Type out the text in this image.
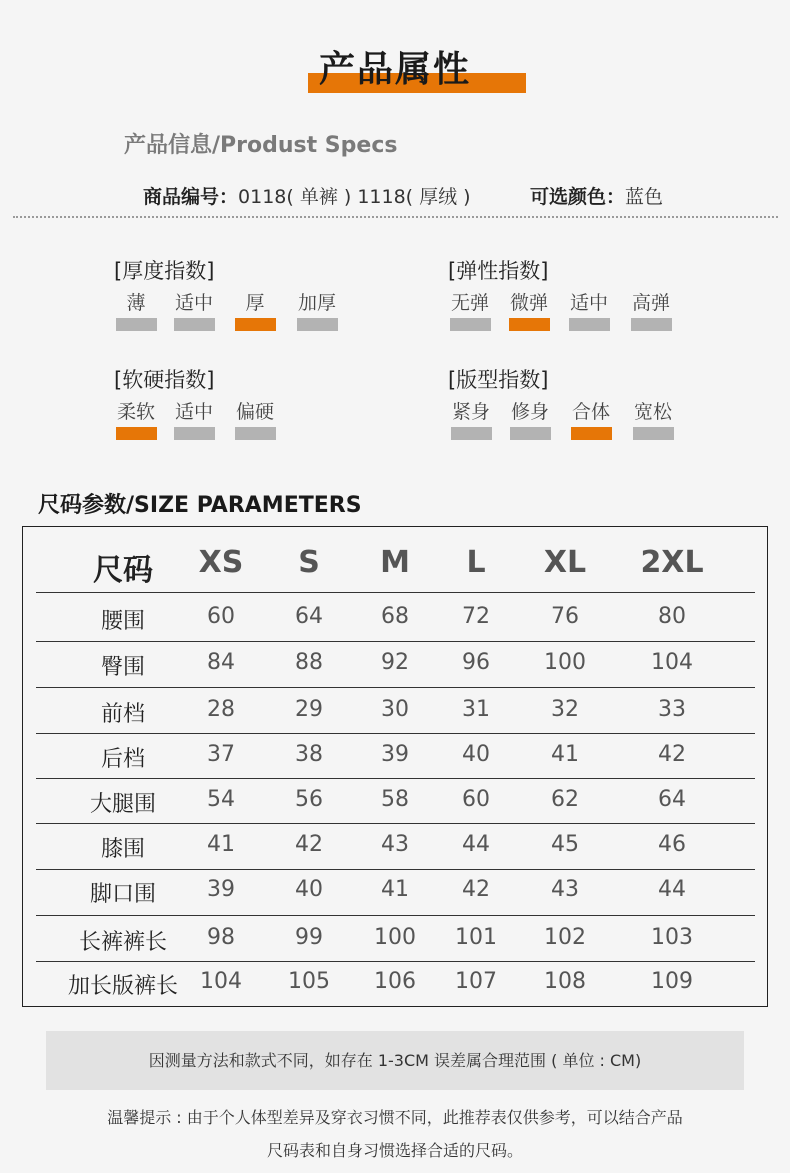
产品属性
产品信息/Produst Specs
商品编号：0118( 单裤 ) 1118( 厚绒 )	可选颜色：蓝色
[厚度指数]
薄	适中	厚	加厚
[弹性指数]
无弹	微弹	适中	高弹
[软硬指数]
柔软	适中	偏硬
[版型指数]
紧身	修身	合体	宽松
尺码参数/SIZE PARAMETERS
尺码	XS	S	M	L	XL	2XL
腰围	60	64	68	72	76	80
臀围	84	88	92	96	100	104
前档	28	29	30	31	32	33
后档	37	38	39	40	41	42
大腿围	54	56	58	60	62	64
膝围	41	42	43	44	45	46
脚口围	39	40	41	42	43	44
长裤裤长	98	99	100	101	102	103
加长版裤长	104	105	106	107	108	109
因测量方法和款式不同，如存在 1-3CM 误差属合理范围 ( 单位 : CM)
温馨提示 : 由于个人体型差异及穿衣习惯不同，此推荐表仅供参考，可以结合产品
尺码表和自身习惯选择合适的尺码。
